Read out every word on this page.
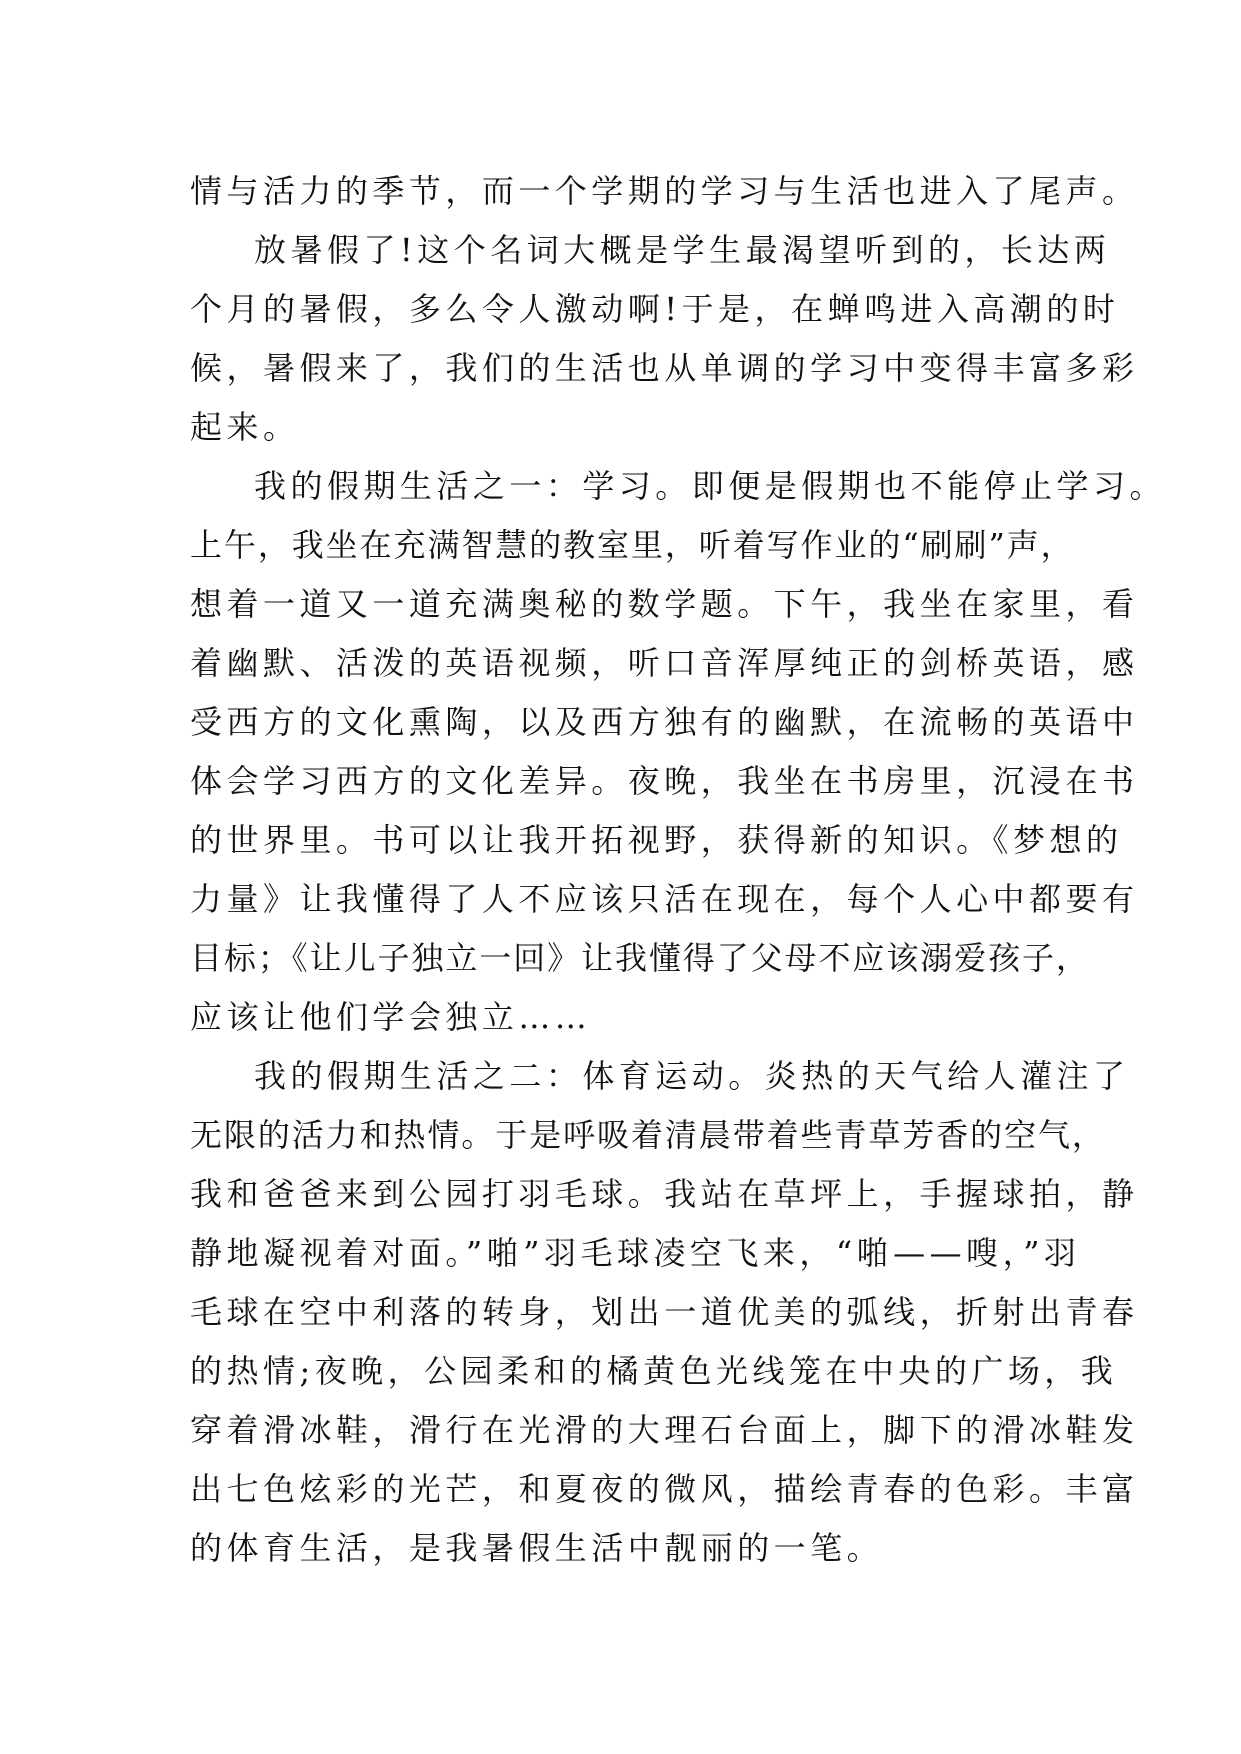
情与活力的季节，而一个学期的学习与生活也进入了尾声。
放暑假了!这个名词大概是学生最渴望听到的，长达两
个月的暑假，多么令人激动啊!于是，在蝉鸣进入高潮的时
候，暑假来了，我们的生活也从单调的学习中变得丰富多彩
起来。
我的假期生活之一：学习。即便是假期也不能停止学习。
上午，我坐在充满智慧的教室里，听着写作业的“刷刷”声，
想着一道又一道充满奥秘的数学题。下午，我坐在家里，看
着幽默、活泼的英语视频，听口音浑厚纯正的剑桥英语，感
受西方的文化熏陶，以及西方独有的幽默，在流畅的英语中
体会学习西方的文化差异。夜晚，我坐在书房里，沉浸在书
的世界里。书可以让我开拓视野，获得新的知识。《梦想的
力量》让我懂得了人不应该只活在现在，每个人心中都要有
目标；《让儿子独立一回》让我懂得了父母不应该溺爱孩子，
应该让他们学会独立……
我的假期生活之二：体育运动。炎热的天气给人灌注了
无限的活力和热情。于是呼吸着清晨带着些青草芳香的空气，
我和爸爸来到公园打羽毛球。我站在草坪上，手握球拍，静
静地凝视着对面。”啪”羽毛球凌空飞来，“啪——嗖，”羽
毛球在空中利落的转身，划出一道优美的弧线，折射出青春
的热情;夜晚，公园柔和的橘黄色光线笼在中央的广场，我
穿着滑冰鞋，滑行在光滑的大理石台面上，脚下的滑冰鞋发
出七色炫彩的光芒，和夏夜的微风，描绘青春的色彩。丰富
的体育生活，是我暑假生活中靓丽的一笔。
